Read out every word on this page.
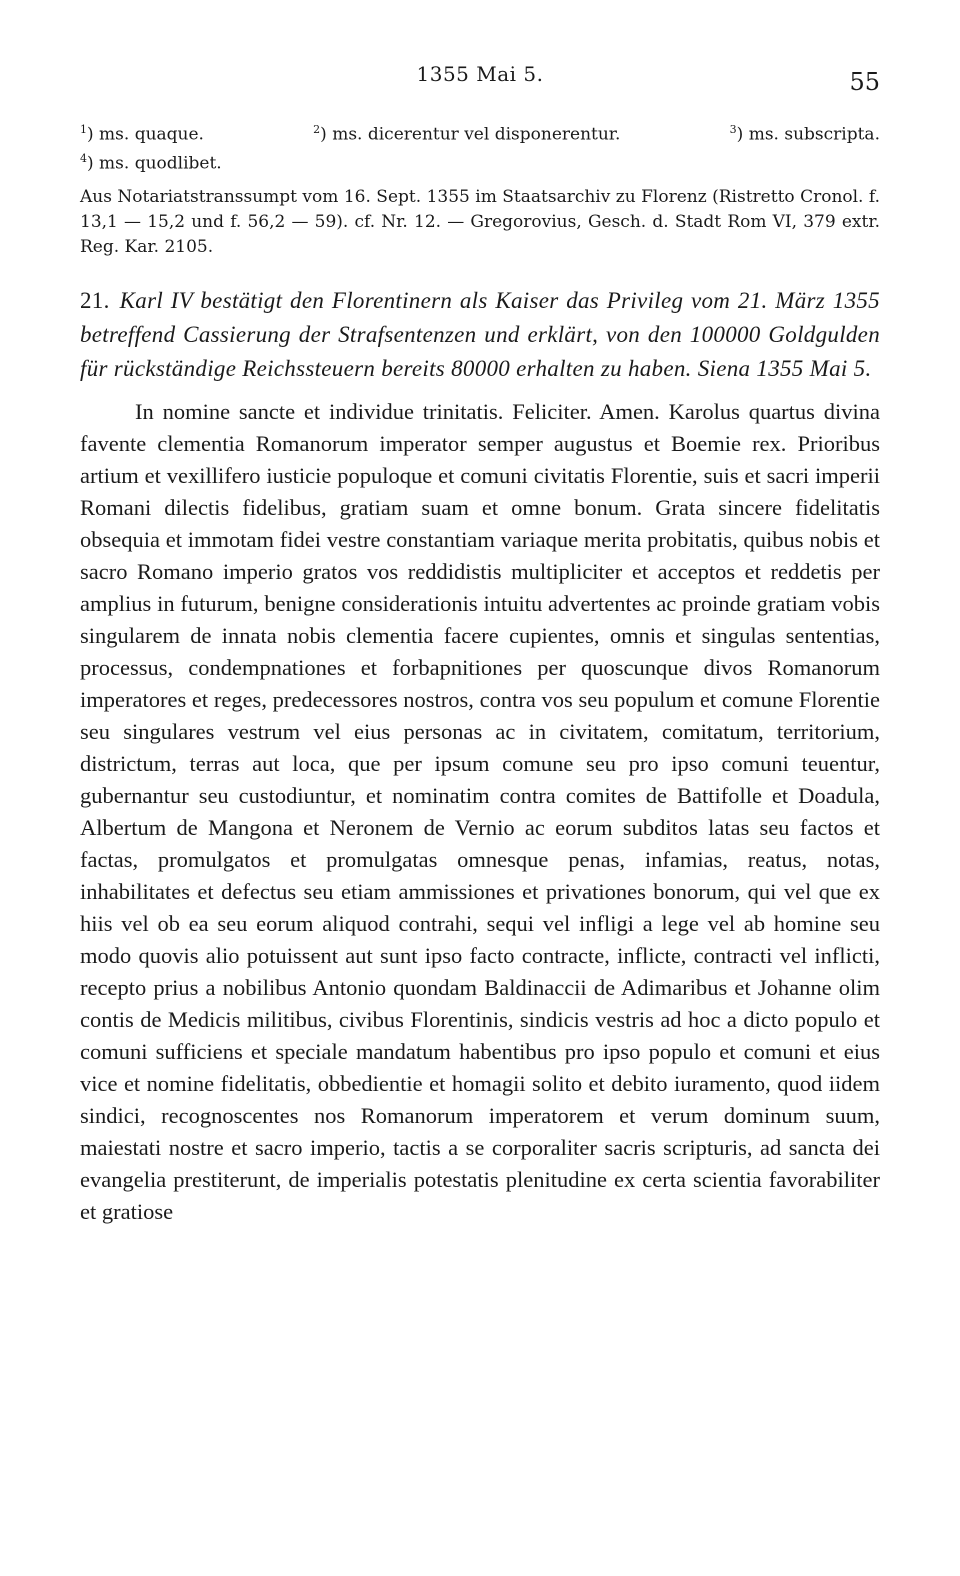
1355 Mai 5.	55
$^1$) ms. quaque.	$^2$) ms. dicerentur vel disponerentur.	$^3$) ms. subscripta.
$^4$) ms. quodlibet.
Aus Notariatstranssumpt vom 16. Sept. 1355 im Staatsarchiv zu Florenz (Ristretto Cronol. f. 13,1 — 15,2 und f. 56,2 — 59). cf. Nr. 12. — Gregorovius, Gesch. d. Stadt Rom VI, 379 extr. Reg. Kar. 2105.
21. Karl IV bestätigt den Florentinern als Kaiser das Privileg vom 21. März 1355 betreffend Cassierung der Strafsentenzen und erklärt, von den 100000 Goldgulden für rückständige Reichssteuern bereits 80000 erhalten zu haben. Siena 1355 Mai 5.

In nomine sancte et individue trinitatis. Feliciter. Amen. Karolus quartus divina favente clementia Romanorum imperator semper augustus et Boemie rex. Prioribus artium et vexillifero iusticie populoque et comuni civitatis Florentie, suis et sacri imperii Romani dilectis fidelibus, gratiam suam et omne bonum. Grata sincere fidelitatis obsequia et immotam fidei vestre constantiam variaque merita probitatis, quibus nobis et sacro Romano imperio gratos vos reddidistis multipliciter et acceptos et reddetis per amplius in futurum, benigne considerationis intuitu advertentes ac proinde gratiam vobis singularem de innata nobis clementia facere cupientes, omnis et singulas sententias, processus, condempnationes et forbapnitiones per quoscunque divos Romanorum imperatores et reges, predecessores nostros, contra vos seu populum et comune Florentie seu singulares vestrum vel eius personas ac in civitatem, comitatum, territorium, districtum, terras aut loca, que per ipsum comune seu pro ipso comuni teuentur, gubernantur seu custodiuntur, et nominatim contra comites de Battifolle et Doadula, Albertum de Mangona et Neronem de Vernio ac eorum subditos latas seu factos et factas, promulgatos et promulgatas omnesque penas, infamias, reatus, notas, inhabilitates et defectus seu etiam ammissiones et privationes bonorum, qui vel que ex hiis vel ob ea seu eorum aliquod contrahi, sequi vel infligi a lege vel ab homine seu modo quovis alio potuissent aut sunt ipso facto contracte, inflicte, contracti vel inflicti, recepto prius a nobilibus Antonio quondam Baldinaccii de Adimaribus et Johanne olim contis de Medicis militibus, civibus Florentinis, sindicis vestris ad hoc a dicto populo et comuni sufficiens et speciale mandatum habentibus pro ipso populo et comuni et eius vice et nomine fidelitatis, obbedientie et homagii solito et debito iuramento, quod iidem sindici, recognoscentes nos Romanorum imperatorem et verum dominum suum, maiestati nostre et sacro imperio, tactis a se corporaliter sacris scripturis, ad sancta dei evangelia prestiterunt, de imperialis potestatis plenitudine ex certa scientia favorabiliter et gratiose
